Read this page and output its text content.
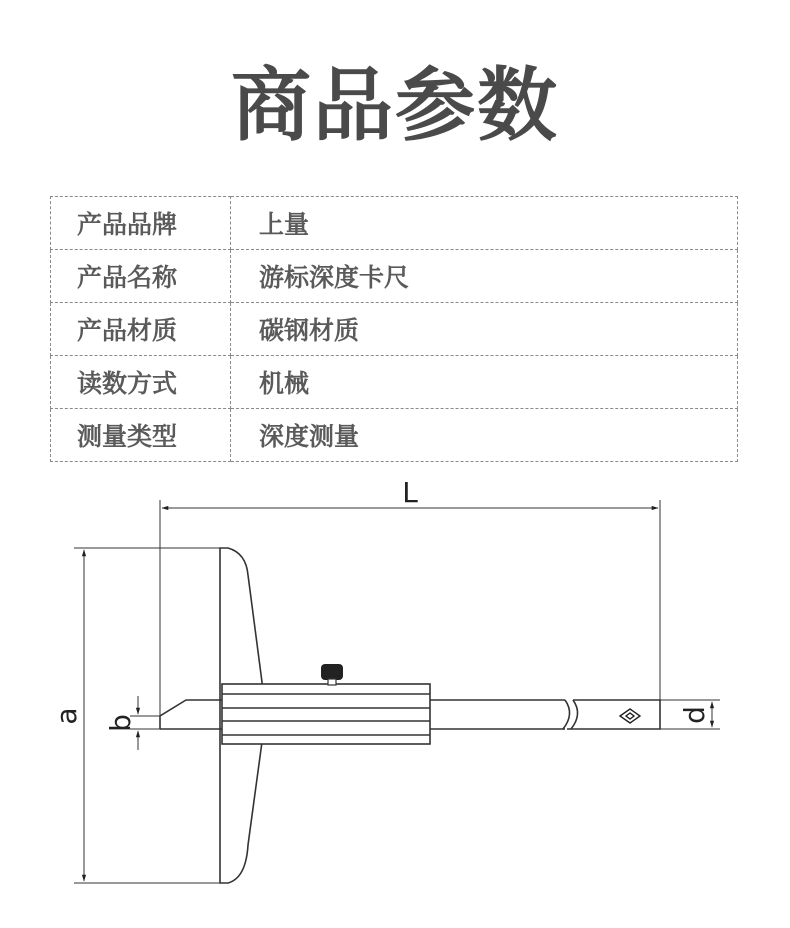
商品参数
产品品牌	上量
产品名称	游标深度卡尺
产品材质	碳钢材质
读数方式	机械
测量类型	深度测量
L
a b	d
